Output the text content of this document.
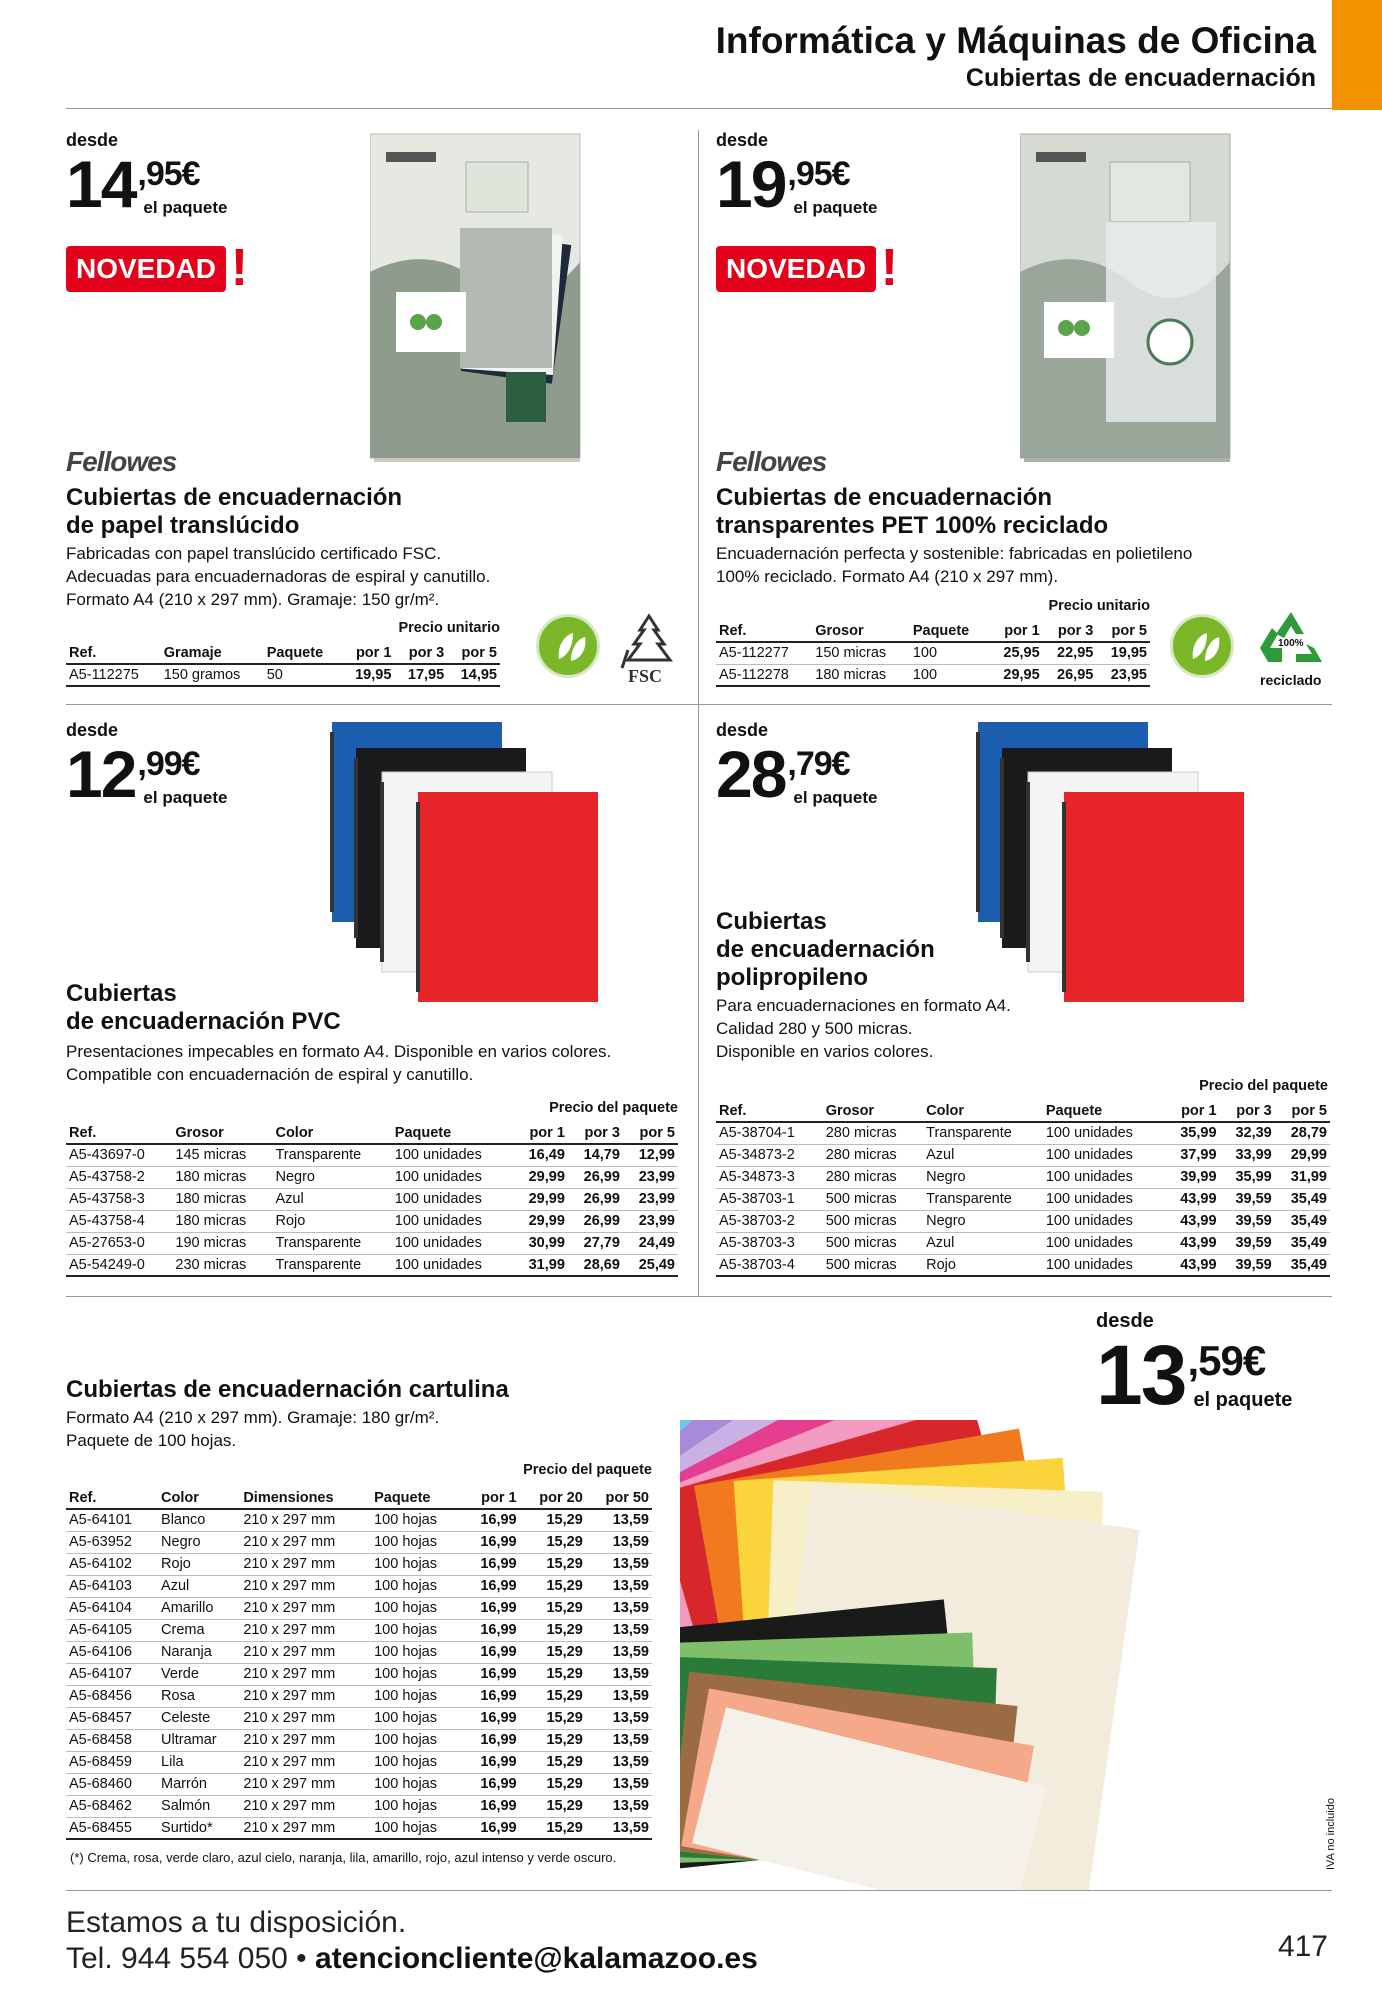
Informática y Máquinas de Oficina
Cubiertas de encuadernación
desde
14 ,95€
el paquete
NOVEDAD !
Fellowes
Cubiertas de encuadernación
de papel translúcido
Fabricadas con papel translúcido certificado FSC.
Adecuadas para encuadernadoras de espiral y canutillo.
Formato A4 (210 x 297 mm). Gramaje: 150 gr/m².
Precio unitario
Ref.	Gramaje	Paquete	por 1	por 3	por 5
A5-112275	150 gramos	50	19,95	17,95	14,95	FSC
desde
19 ,95€
el paquete
NOVEDAD !
Fellowes
Cubiertas de encuadernación
transparentes PET 100% reciclado
Encuadernación perfecta y sostenible: fabricadas en polietileno
100% reciclado. Formato A4 (210 x 297 mm).
Precio unitario
Ref.	Grosor	Paquete	por 1	por 3	por 5
A5-112277	150 micras	100	25,95	22,95	19,95
A5-112278	180 micras	100	29,95	26,95	23,95
100%
reciclado
desde
12 ,99€
el paquete
Cubiertas
de encuadernación PVC
Presentaciones impecables en formato A4. Disponible en varios colores.
Compatible con encuadernación de espiral y canutillo.
Precio del paquete
Ref.	Grosor	Color	Paquete	por 1	por 3	por 5
A5-43697-0	145 micras	Transparente	100 unidades	16,49	14,79	12,99
A5-43758-2	180 micras	Negro	100 unidades	29,99	26,99	23,99
A5-43758-3	180 micras	Azul	100 unidades	29,99	26,99	23,99
A5-43758-4	180 micras	Rojo	100 unidades	29,99	26,99	23,99
A5-27653-0	190 micras	Transparente	100 unidades	30,99	27,79	24,49
A5-54249-0	230 micras	Transparente	100 unidades	31,99	28,69	25,49
desde
28 ,79€
el paquete
Cubiertas
de encuadernación
polipropileno
Para encuadernaciones en formato A4.
Calidad 280 y 500 micras.
Disponible en varios colores.
Precio del paquete
Ref.	Grosor	Color	Paquete	por 1	por 3	por 5
A5-38704-1	280 micras	Transparente	100 unidades	35,99	32,39	28,79
A5-34873-2	280 micras	Azul	100 unidades	37,99	33,99	29,99
A5-34873-3	280 micras	Negro	100 unidades	39,99	35,99	31,99
A5-38703-1	500 micras	Transparente	100 unidades	43,99	39,59	35,49
A5-38703-2	500 micras	Negro	100 unidades	43,99	39,59	35,49
A5-38703-3	500 micras	Azul	100 unidades	43,99	39,59	35,49
A5-38703-4	500 micras	Rojo	100 unidades	43,99	39,59	35,49
desde
13 ,59€
el paquete
Cubiertas de encuadernación cartulina
Formato A4 (210 x 297 mm). Gramaje: 180 gr/m².
Paquete de 100 hojas.
Precio del paquete
Ref.	Color	Dimensiones	Paquete	por 1	por 20	por 50
A5-64101	Blanco	210 x 297 mm	100 hojas	16,99	15,29	13,59
A5-63952	Negro	210 x 297 mm	100 hojas	16,99	15,29	13,59
A5-64102	Rojo	210 x 297 mm	100 hojas	16,99	15,29	13,59
A5-64103	Azul	210 x 297 mm	100 hojas	16,99	15,29	13,59
A5-64104	Amarillo	210 x 297 mm	100 hojas	16,99	15,29	13,59
A5-64105	Crema	210 x 297 mm	100 hojas	16,99	15,29	13,59
A5-64106	Naranja	210 x 297 mm	100 hojas	16,99	15,29	13,59
A5-64107	Verde	210 x 297 mm	100 hojas	16,99	15,29	13,59
A5-68456	Rosa	210 x 297 mm	100 hojas	16,99	15,29	13,59
A5-68457	Celeste	210 x 297 mm	100 hojas	16,99	15,29	13,59
A5-68458	Ultramar	210 x 297 mm	100 hojas	16,99	15,29	13,59
A5-68459	Lila	210 x 297 mm	100 hojas	16,99	15,29	13,59
A5-68460	Marrón	210 x 297 mm	100 hojas	16,99	15,29	13,59
A5-68462	Salmón	210 x 297 mm	100 hojas	16,99	15,29	13,59
A5-68455	Surtido*	210 x 297 mm	100 hojas	16,99	15,29	13,59
(*) Crema, rosa, verde claro, azul cielo, naranja, lila, amarillo, rojo, azul intenso y verde oscuro.	IVA no incluido
Estamos a tu disposición.
Tel. 944 554 050 • atencioncliente@kalamazoo.es	417
